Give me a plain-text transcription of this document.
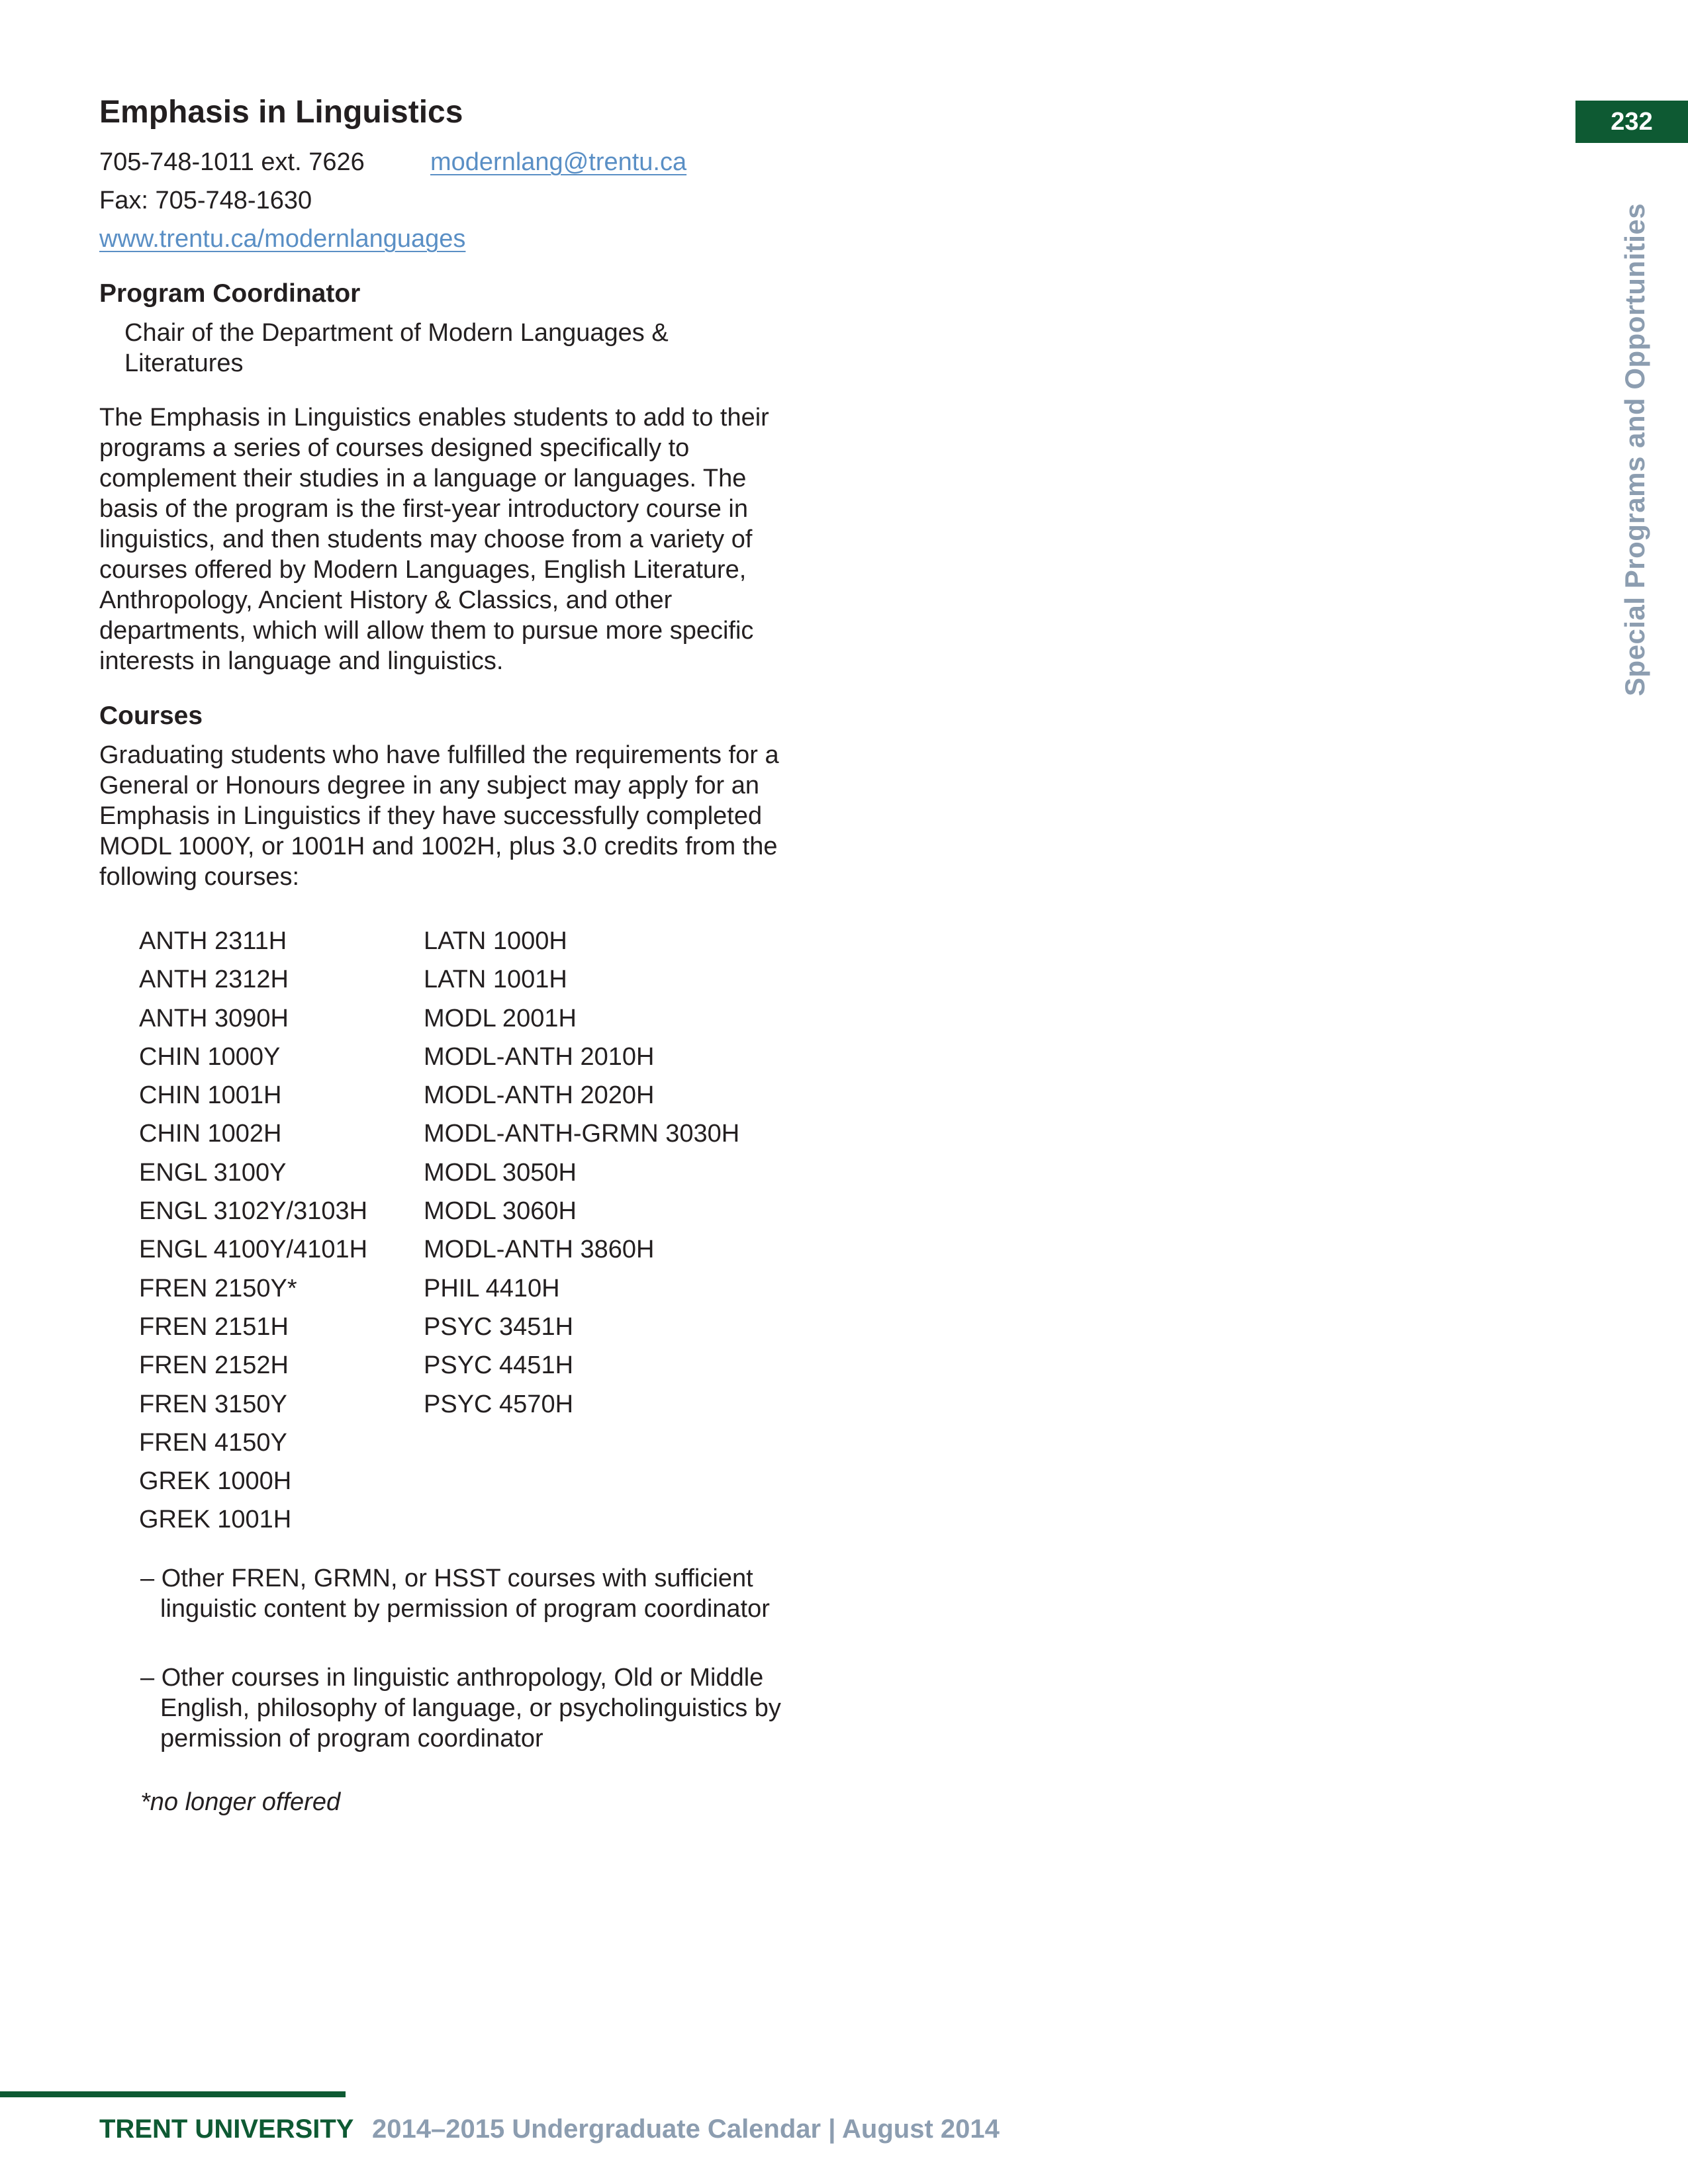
Emphasis in Linguistics
705-748-1011 ext. 7626	modernlang@trentu.ca
Fax: 705-748-1630
www.trentu.ca/modernlanguages
Program Coordinator
Chair of the Department of Modern Languages &
Literatures
The Emphasis in Linguistics enables students to add to their programs a series of courses designed specifically to complement their studies in a language or languages. The basis of the program is the first-year introductory course in linguistics, and then students may choose from a variety of courses offered by Modern Languages, English Literature, Anthropology, Ancient History & Classics, and other departments, which will allow them to pursue more specific interests in language and linguistics.
Courses
Graduating students who have fulfilled the requirements for a General or Honours degree in any subject may apply for an Emphasis in Linguistics if they have successfully completed MODL 1000Y, or 1001H and 1002H, plus 3.0 credits from the following courses:
ANTH 2311H
ANTH 2312H
ANTH 3090H
CHIN 1000Y
CHIN 1001H
CHIN 1002H
ENGL 3100Y
ENGL 3102Y/3103H
ENGL 4100Y/4101H
FREN 2150Y*
FREN 2151H
FREN 2152H
FREN 3150Y
FREN 4150Y
GREK 1000H
GREK 1001H
LATN 1000H
LATN 1001H
MODL 2001H
MODL-ANTH 2010H
MODL-ANTH 2020H
MODL-ANTH-GRMN 3030H
MODL 3050H
MODL 3060H
MODL-ANTH 3860H
PHIL 4410H
PSYC 3451H
PSYC 4451H
PSYC 4570H
– Other FREN, GRMN, or HSST courses with sufficient linguistic content by permission of program coordinator
– Other courses in linguistic anthropology, Old or Middle English, philosophy of language, or psycholinguistics by permission of program coordinator
*no longer offered
232
Special Programs and Opportunities
TRENT UNIVERSITY 2014–2015 Undergraduate Calendar | August 2014
